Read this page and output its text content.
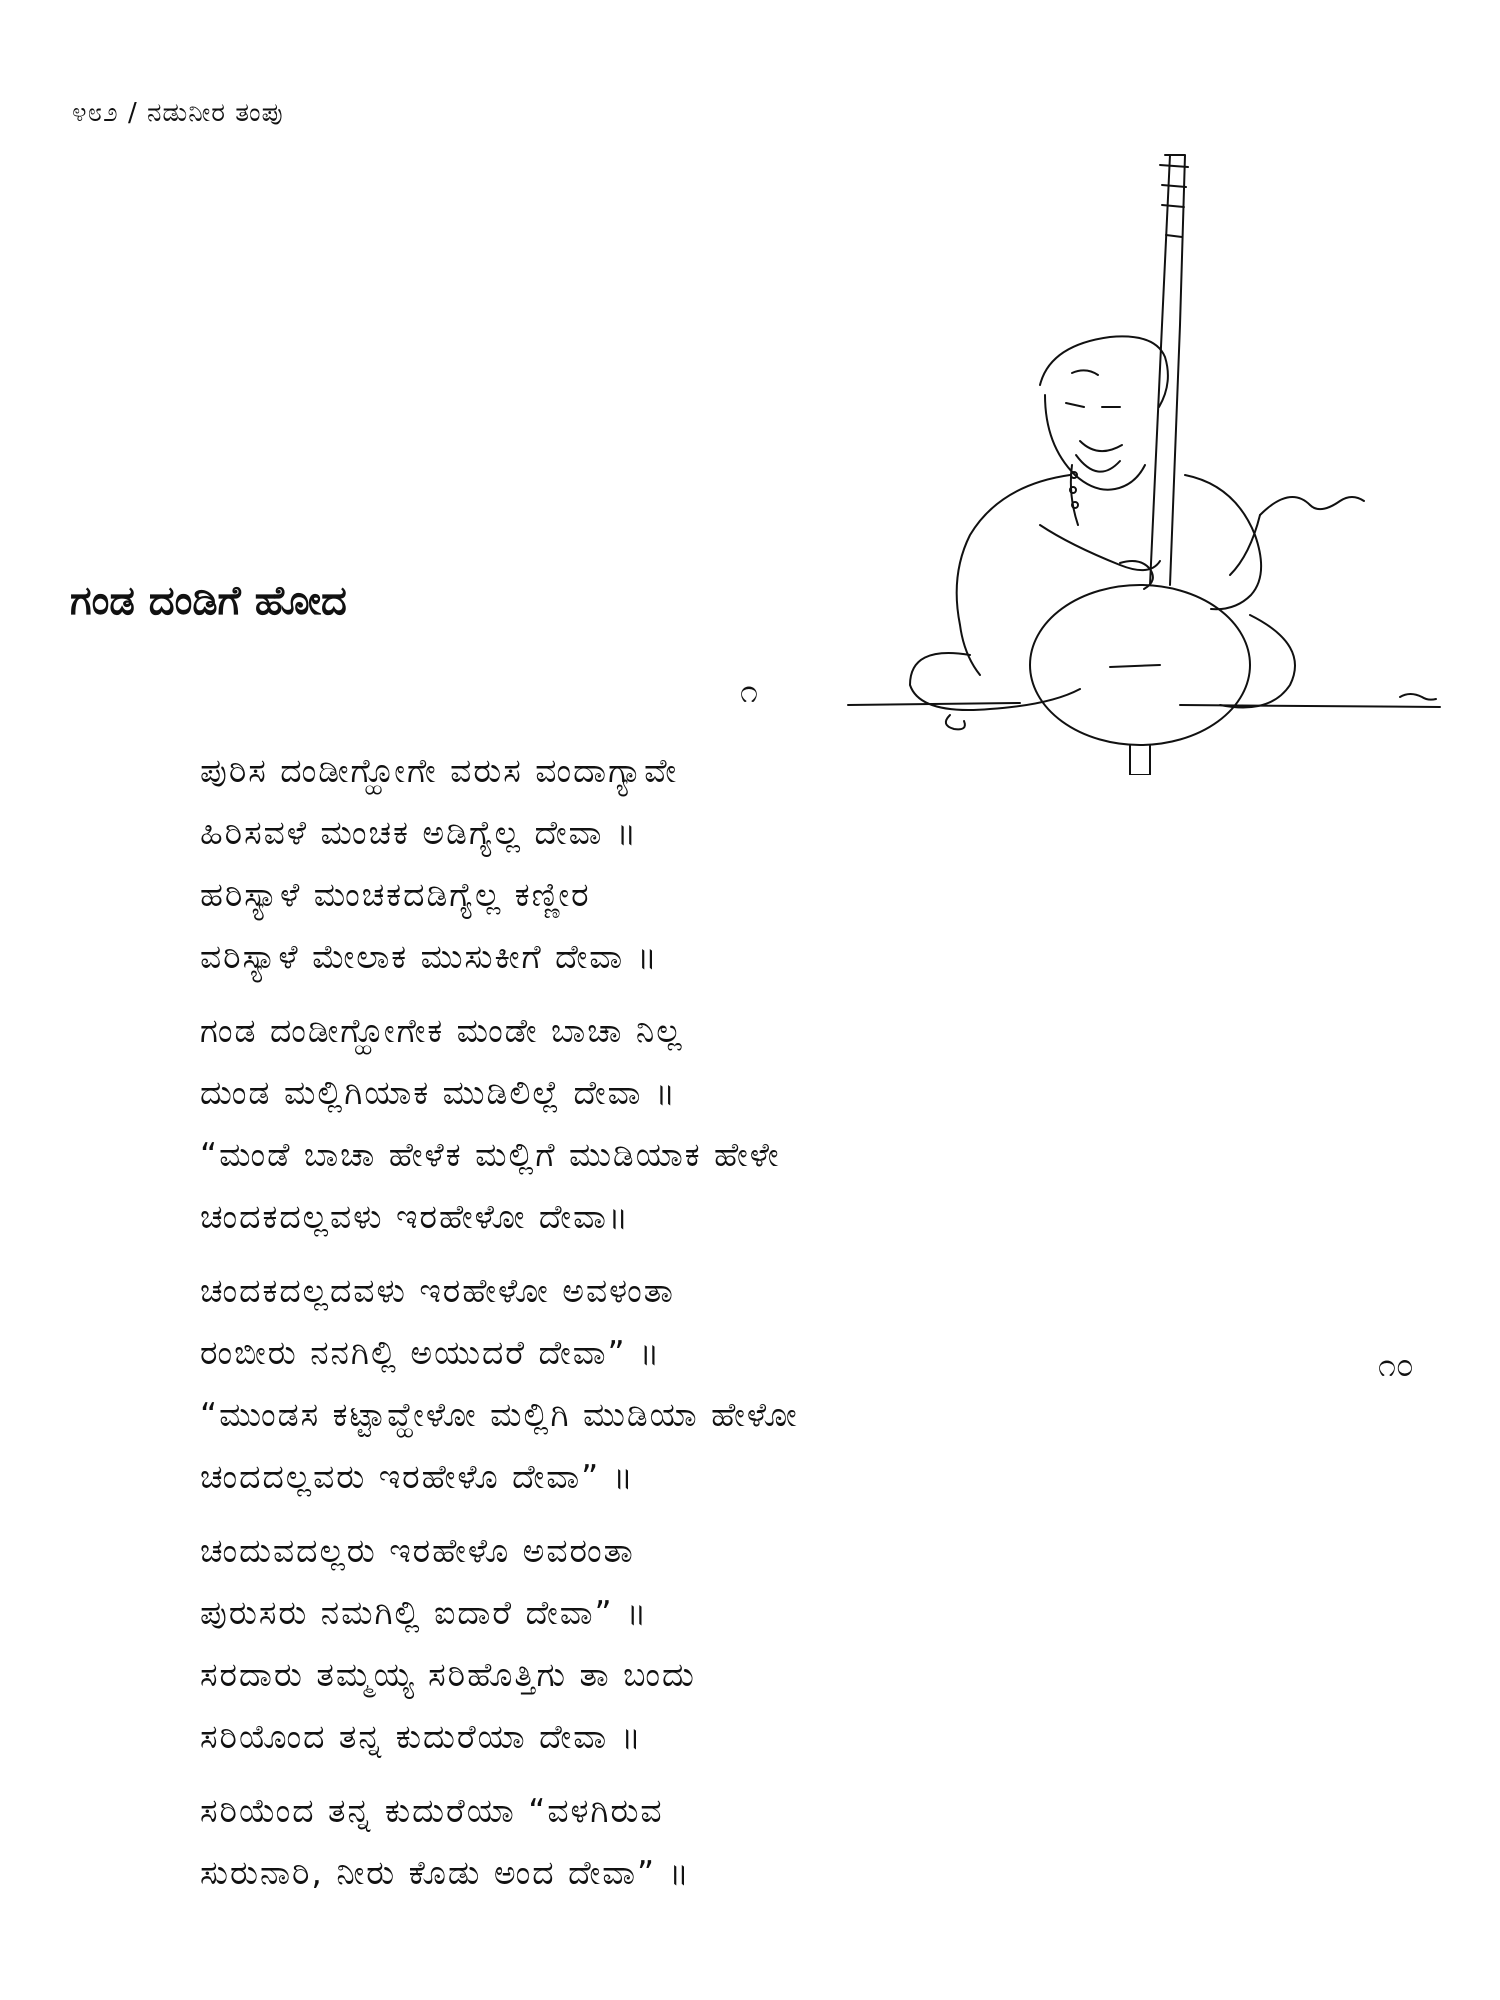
೪೮೨ / ನಡುನೀರ ತಂಪು
ಗಂಡ ದಂಡಿಗೆ ಹೋದ
೧
೧೦
ಪುರಿಸ ದಂಡೀಗ್ಹೋಗೇ ವರುಸ ವಂದಾಗ್ಯಾವೇ
ಹಿರಿಸವಳೆ ಮಂಚಕ ಅಡಿಗ್ಯೆಲ್ಲ ದೇವಾ ॥
ಹರಿಸ್ಯಾಳೆ ಮಂಚಕದಡಿಗ್ಯೆಲ್ಲ ಕಣ್ಣೀರ
ವರಿಸ್ಯಾಳೆ ಮೇಲಾಕ ಮುಸುಕೀಗೆ ದೇವಾ ॥
ಗಂಡ ದಂಡೀಗ್ಹೋಗೇಕ ಮಂಡೇ ಬಾಚಾ ನಿಲ್ಲ
ದುಂಡ ಮಲ್ಲಿಗಿಯಾಕ ಮುಡಿಲಿಲ್ಲೆ ದೇವಾ ॥
“ಮಂಡೆ ಬಾಚಾ ಹೇಳೆಕ ಮಲ್ಲಿಗೆ ಮುಡಿಯಾಕ ಹೇಳೇ
ಚಂದಕದಲ್ಲವಳು ಇರಹೇಳೋ ದೇವಾ॥
ಚಂದಕದಲ್ಲದವಳು ಇರಹೇಳೋ ಅವಳಂತಾ
ರಂಬೀರು ನನಗಿಲ್ಲಿ ಅಯುದರೆ ದೇವಾ” ॥
“ಮುಂಡಸ ಕಟ್ಟಾವ್ಹೇಳೋ ಮಲ್ಲಿಗಿ ಮುಡಿಯಾ ಹೇಳೋ
ಚಂದದಲ್ಲವರು ಇರಹೇಳೊ ದೇವಾ” ॥
ಚಂದುವದಲ್ಲರು ಇರಹೇಳೊ ಅವರಂತಾ
ಪುರುಸರು ನಮಗಿಲ್ಲಿ ಐದಾರೆ ದೇವಾ” ॥
ಸರದಾರು ತಮ್ಮಯ್ಯ ಸರಿಹೊತ್ತಿಗು ತಾ ಬಂದು
ಸರಿಯೊಂದ ತನ್ನ ಕುದುರೆಯಾ ದೇವಾ ॥
ಸರಿಯೆಂದ ತನ್ನ ಕುದುರೆಯಾ “ವಳಗಿರುವ
ಸುರುನಾರಿ, ನೀರು ಕೊಡು ಅಂದ ದೇವಾ” ॥
